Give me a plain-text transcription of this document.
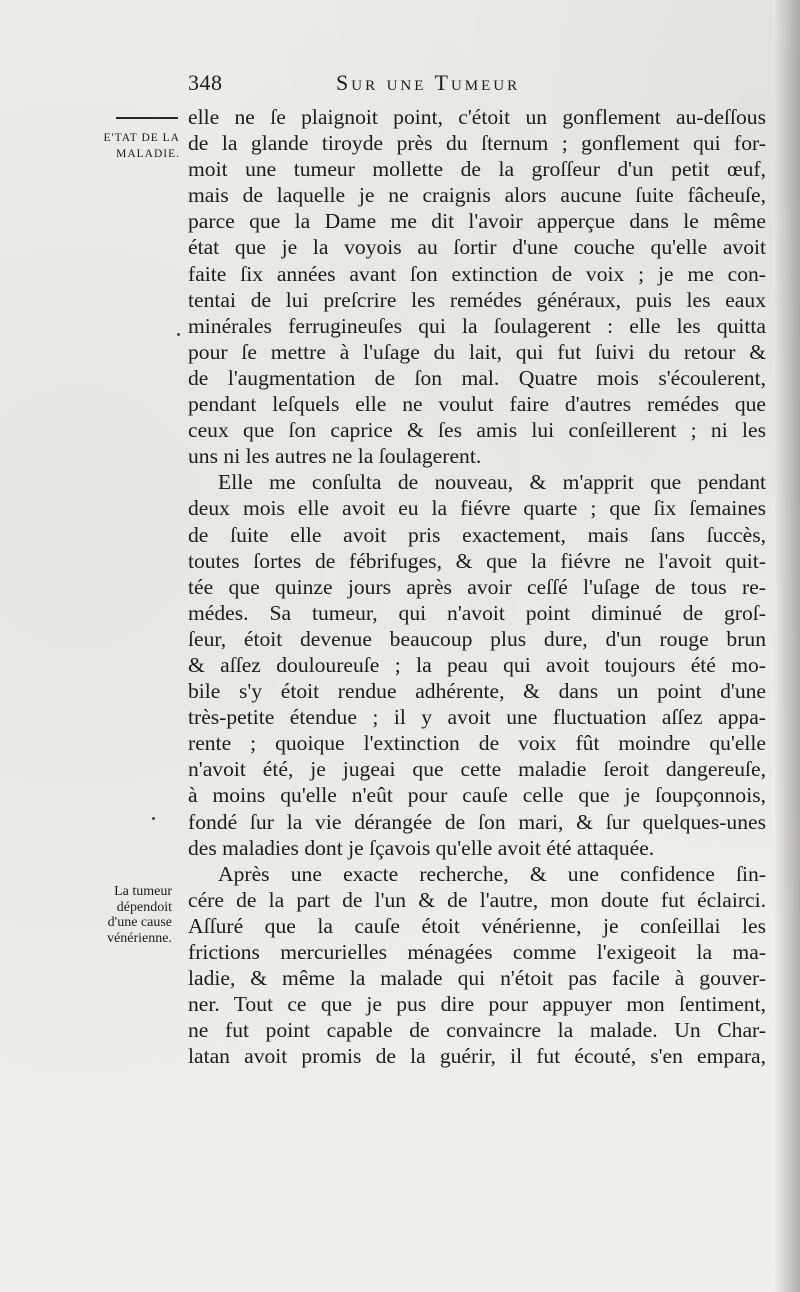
348	Sur une Tumeur
E'TAT DE LA
MALADIE.
La tumeur
dépendoit
d'une cause
vénérienne.
elle ne ſe plaignoit point, c'étoit un gonflement au-deſſous
de la glande tiroyde près du ſternum ; gonflement qui for-
moit une tumeur mollette de la groſſeur d'un petit œuf,
mais de laquelle je ne craignis alors aucune ſuite fâcheuſe,
parce que la Dame me dit l'avoir apperçue dans le même
état que je la voyois au ſortir d'une couche qu'elle avoit
faite ſix années avant ſon extinction de voix ; je me con-
tentai de lui preſcrire les remédes généraux, puis les eaux
minérales ferrugineuſes qui la ſoulagerent : elle les quitta
pour ſe mettre à l'uſage du lait, qui fut ſuivi du retour &
de l'augmentation de ſon mal. Quatre mois s'écoulerent,
pendant leſquels elle ne voulut faire d'autres remédes que
ceux que ſon caprice & ſes amis lui conſeillerent ; ni les
uns ni les autres ne la ſoulagerent.
Elle me conſulta de nouveau, & m'apprit que pendant
deux mois elle avoit eu la fiévre quarte ; que ſix ſemaines
de ſuite elle avoit pris exactement, mais ſans ſuccès,
toutes ſortes de fébrifuges, & que la fiévre ne l'avoit quit-
tée que quinze jours après avoir ceſſé l'uſage de tous re-
médes. Sa tumeur, qui n'avoit point diminué de groſ-
ſeur, étoit devenue beaucoup plus dure, d'un rouge brun
& aſſez douloureuſe ; la peau qui avoit toujours été mo-
bile s'y étoit rendue adhérente, & dans un point d'une
très-petite étendue ; il y avoit une fluctuation aſſez appa-
rente ; quoique l'extinction de voix fût moindre qu'elle
n'avoit été, je jugeai que cette maladie ſeroit dangereuſe,
à moins qu'elle n'eût pour cauſe celle que je ſoupçonnois,
fondé ſur la vie dérangée de ſon mari, & ſur quelques-unes
des maladies dont je ſçavois qu'elle avoit été attaquée.
Après une exacte recherche, & une confidence ſin-
cére de la part de l'un & de l'autre, mon doute fut éclairci.
Aſſuré que la cauſe étoit vénérienne, je conſeillai les
frictions mercurielles ménagées comme l'exigeoit la ma-
ladie, & même la malade qui n'étoit pas facile à gouver-
ner. Tout ce que je pus dire pour appuyer mon ſentiment,
ne fut point capable de convaincre la malade. Un Char-
latan avoit promis de la guérir, il fut écouté, s'en empara,
